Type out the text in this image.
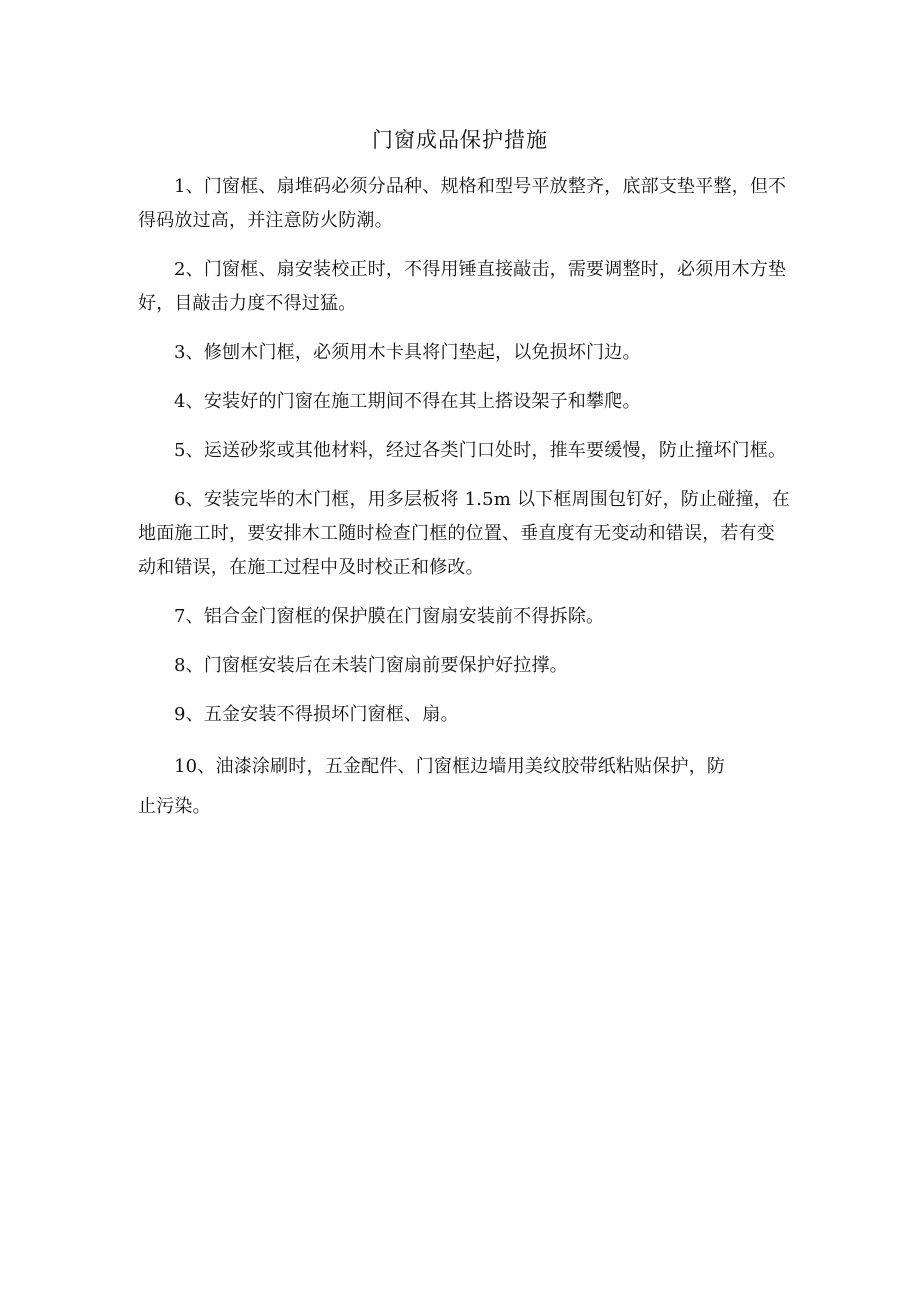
门窗成品保护措施

1、门窗框、扇堆码必须分品种、规格和型号平放整齐，底部支垫平整，但不得码放过高，并注意防火防潮。

2、门窗框、扇安装校正时，不得用锤直接敲击，需要调整时，必须用木方垫好，目敲击力度不得过猛。

3、修刨木门框，必须用木卡具将门垫起，以免损坏门边。

4、安装好的门窗在施工期间不得在其上搭设架子和攀爬。

5、运送砂浆或其他材料，经过各类门口处时，推车要缓慢，防止撞坏门框。

6、安装完毕的木门框，用多层板将 1.5m 以下框周围包钉好，防止碰撞，在地面施工时，要安排木工随时检查门框的位置、垂直度有无变动和错误，若有变动和错误，在施工过程中及时校正和修改。

7、铝合金门窗框的保护膜在门窗扇安装前不得拆除。

8、门窗框安装后在未装门窗扇前要保护好拉撑。

9、五金安装不得损坏门窗框、扇。

10、油漆涂刷时，五金配件、门窗框边墙用美纹胶带纸粘贴保护，防止污染。
